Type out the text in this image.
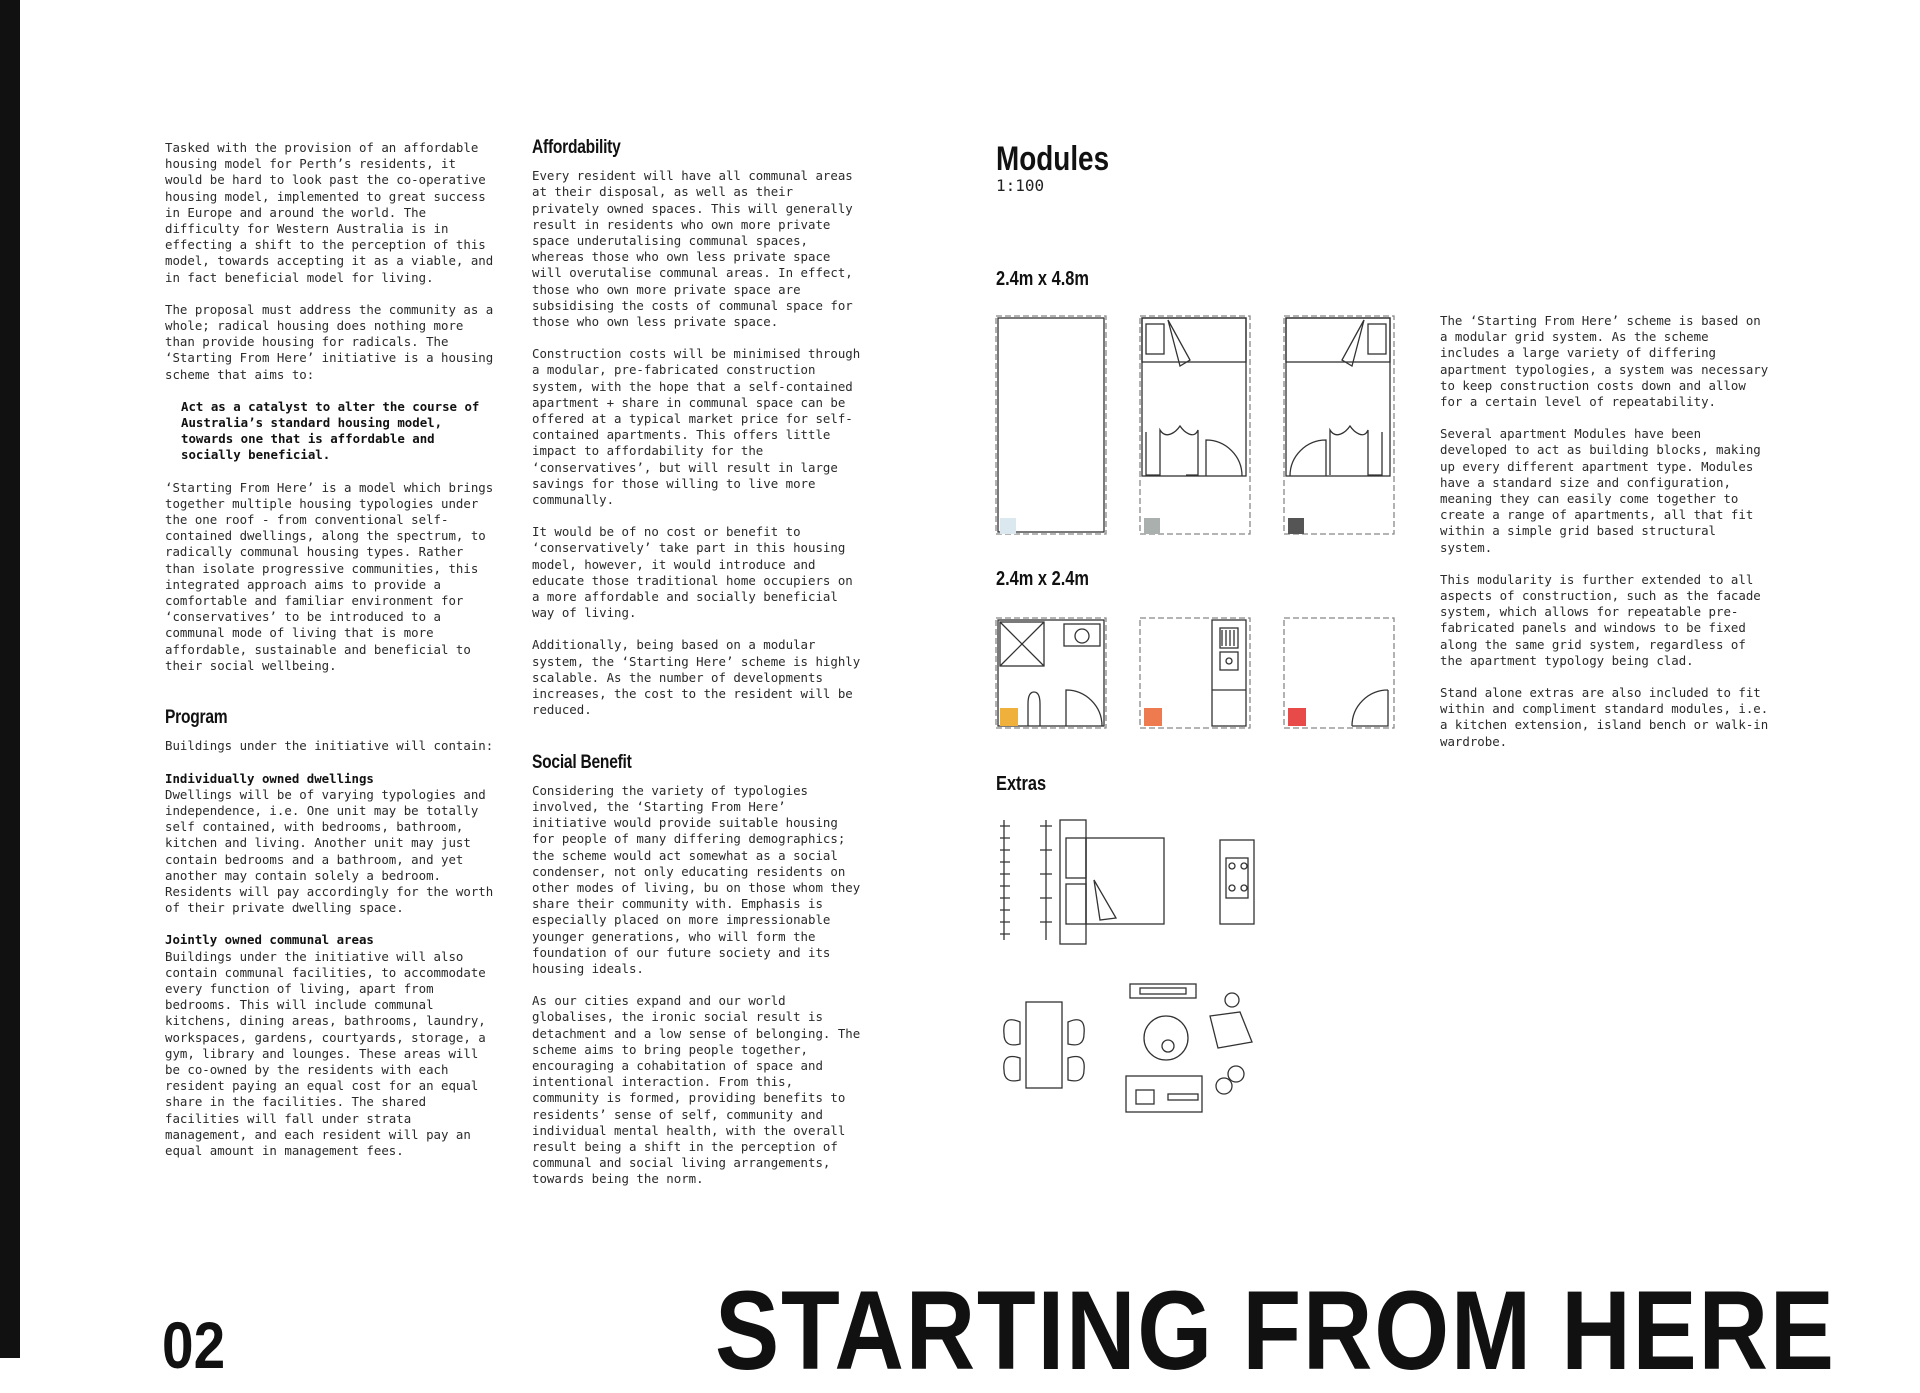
Tasked with the provision of an affordable housing model for Perth’s residents, it would be hard to look past the co-operative housing model, implemented to great success in Europe and around the world. The difficulty for Western Australia is in effecting a shift to the perception of this model, towards accepting it as a viable, and in fact beneficial model for living.

The proposal must address the community as a whole; radical housing does nothing more than provide housing for radicals. The ‘Starting From Here’ initiative is a housing scheme that aims to:

Act as a catalyst to alter the course of Australia’s standard housing model, towards one that is affordable and socially beneficial.

‘Starting From Here’ is a model which brings together multiple housing typologies under the one roof - from conventional self-contained dwellings, along the spectrum, to radically communal housing types. Rather than isolate progressive communities, this integrated approach aims to provide a comfortable and familiar environment for ‘conservatives’ to be introduced to a communal mode of living that is more affordable, sustainable and beneficial to their social wellbeing.

Program

Buildings under the initiative will contain:

Individually owned dwellings
Dwellings will be of varying typologies and independence, i.e. One unit may be totally self contained, with bedrooms, bathroom, kitchen and living. Another unit may just contain bedrooms and a bathroom, and yet another may contain solely a bedroom. Residents will pay accordingly for the worth of their private dwelling space.

Jointly owned communal areas
Buildings under the initiative will also contain communal facilities, to accommodate every function of living, apart from bedrooms. This will include communal kitchens, dining areas, bathrooms, laundry, workspaces, gardens, courtyards, storage, a gym, library and lounges. These areas will be co-owned by the residents with each resident paying an equal cost for an equal share in the facilities. The shared facilities will fall under strata management, and each resident will pay an equal amount in management fees.

Affordability

Every resident will have all communal areas at their disposal, as well as their privately owned spaces. This will generally result in residents who own more private space underutalising communal spaces, whereas those who own less private space will overutalise communal areas. In effect, those who own more private space are subsidising the costs of communal space for those who own less private space.

Construction costs will be minimised through a modular, pre-fabricated construction system, with the hope that a self-contained apartment + share in communal space can be offered at a typical market price for self-contained apartments. This offers little impact to affordability for the ‘conservatives’, but will result in large savings for those willing to live more communally.

It would be of no cost or benefit to ‘conservatively’ take part in this housing model, however, it would introduce and educate those traditional home occupiers on a more affordable and socially beneficial way of living.

Additionally, being based on a modular system, the ‘Starting Here’ scheme is highly scalable. As the number of developments increases, the cost to the resident will be reduced.

Social Benefit

Considering the variety of typologies involved, the ‘Starting From Here’ initiative would provide suitable housing for people of many differing demographics; the scheme would act somewhat as a social condenser, not only educating residents on other modes of living, bu on those whom they share their community with. Emphasis is especially placed on more impressionable younger generations, who will form the foundation of our future society and its housing ideals.

As our cities expand and our world globalises, the ironic social result is detachment and a low sense of belonging. The scheme aims to bring people together, encouraging a cohabitation of space and intentional interaction. From this, community is formed, providing benefits to residents’ sense of self, community and individual mental health, with the overall result being a shift in the perception of communal and social living arrangements, towards being the norm.

Modules
1:100
2.4m x 4.8m
2.4m x 2.4m
Extras

The ‘Starting From Here’ scheme is based on a modular grid system. As the scheme includes a large variety of differing apartment typologies, a system was necessary to keep construction costs down and allow for a certain level of repeatability.

Several apartment Modules have been developed to act as building blocks, making up every different apartment type. Modules have a standard size and configuration, meaning they can easily come together to create a range of apartments, all that fit within a simple grid based structural system.

This modularity is further extended to all aspects of construction, such as the facade system, which allows for repeatable pre-fabricated panels and windows to be fixed along the same grid system, regardless of the apartment typology being clad.

Stand alone extras are also included to fit within and compliment standard modules, i.e. a kitchen extension, island bench or walk-in wardrobe.

02	STARTING FROM HERE
